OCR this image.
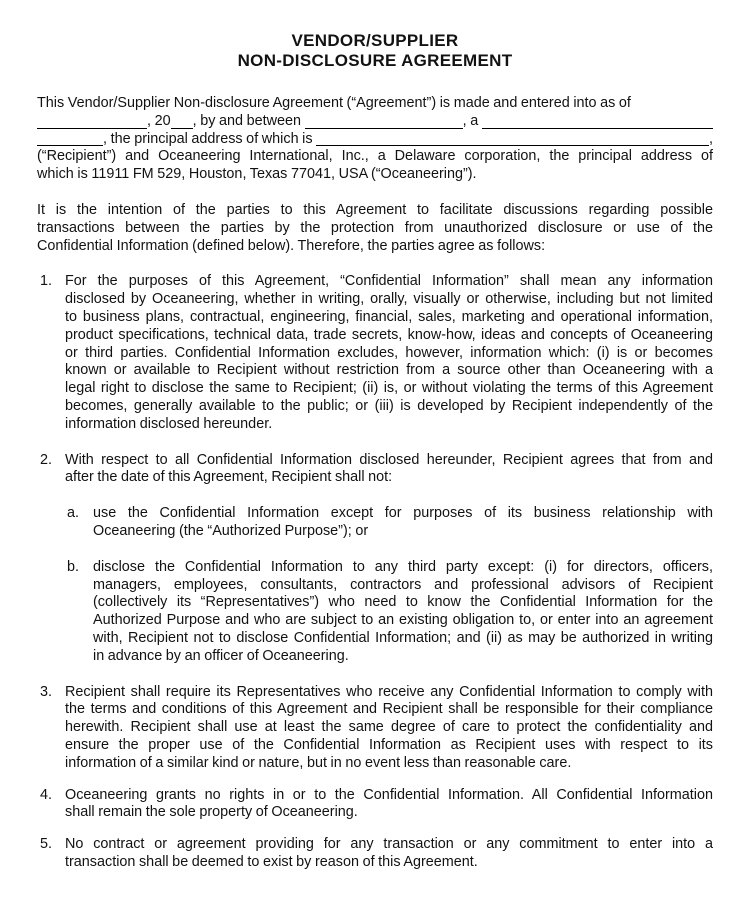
VENDOR/SUPPLIER
NON-DISCLOSURE AGREEMENT
This Vendor/Supplier Non-disclosure Agreement (“Agreement”) is made and entered into as of
, 20 , by and between	, a
, the principal address of which is	,
(“Recipient”) and Oceaneering International, Inc., a Delaware corporation, the principal address of
which is 11911 FM 529, Houston, Texas 77041, USA (“Oceaneering”).
It is the intention of the parties to this Agreement to facilitate discussions regarding possible
transactions between the parties by the protection from unauthorized disclosure or use of the
Confidential Information (defined below). Therefore, the parties agree as follows:
1. For the purposes of this Agreement, “Confidential Information” shall mean any information
disclosed by Oceaneering, whether in writing, orally, visually or otherwise, including but not limited
to business plans, contractual, engineering, financial, sales, marketing and operational information,
product specifications, technical data, trade secrets, know-how, ideas and concepts of Oceaneering
or third parties. Confidential Information excludes, however, information which: (i) is or becomes
known or available to Recipient without restriction from a source other than Oceaneering with a
legal right to disclose the same to Recipient; (ii) is, or without violating the terms of this Agreement
becomes, generally available to the public; or (iii) is developed by Recipient independently of the
information disclosed hereunder.
2. With respect to all Confidential Information disclosed hereunder, Recipient agrees that from and
after the date of this Agreement, Recipient shall not:
a. use the Confidential Information except for purposes of its business relationship with
Oceaneering (the “Authorized Purpose”); or
b. disclose the Confidential Information to any third party except: (i) for directors, officers,
managers, employees, consultants, contractors and professional advisors of Recipient
(collectively its “Representatives”) who need to know the Confidential Information for the
Authorized Purpose and who are subject to an existing obligation to, or enter into an agreement
with, Recipient not to disclose Confidential Information; and (ii) as may be authorized in writing
in advance by an officer of Oceaneering.
3. Recipient shall require its Representatives who receive any Confidential Information to comply with
the terms and conditions of this Agreement and Recipient shall be responsible for their compliance
herewith. Recipient shall use at least the same degree of care to protect the confidentiality and
ensure the proper use of the Confidential Information as Recipient uses with respect to its
information of a similar kind or nature, but in no event less than reasonable care.
4. Oceaneering grants no rights in or to the Confidential Information. All Confidential Information
shall remain the sole property of Oceaneering.
5. No contract or agreement providing for any transaction or any commitment to enter into a
transaction shall be deemed to exist by reason of this Agreement.
